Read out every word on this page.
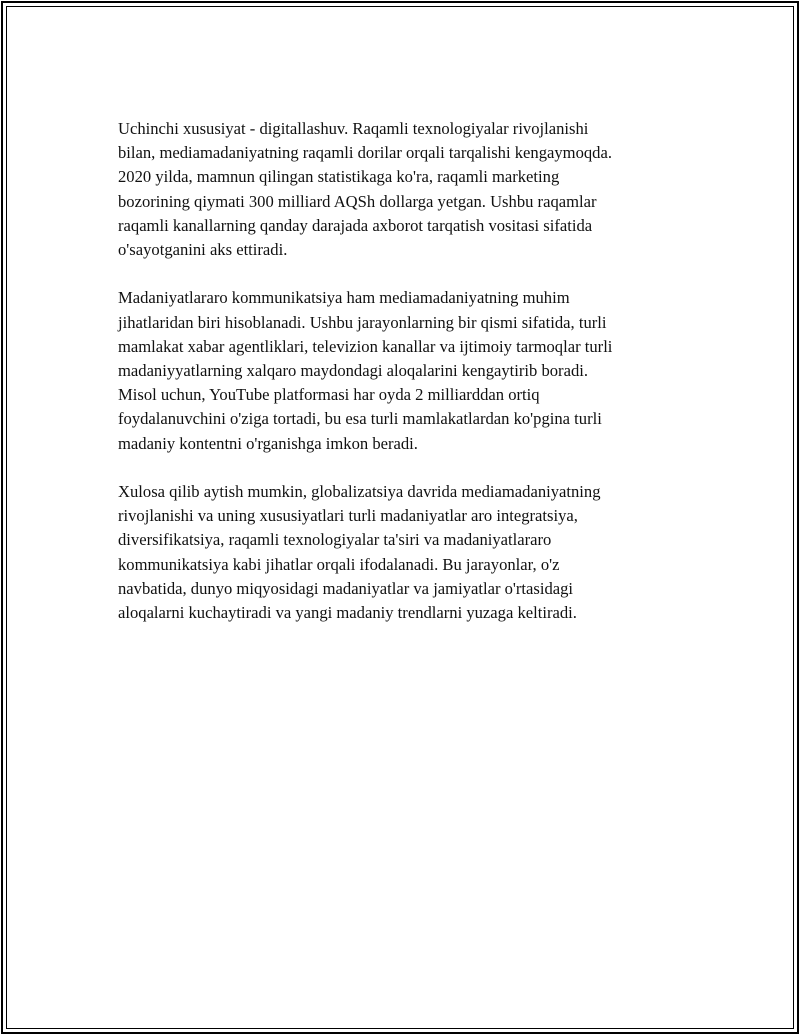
Uchinchi xususiyat - digitallashuv. Raqamli texnologiyalar rivojlanishi
bilan, mediamadaniyatning raqamli dorilar orqali tarqalishi kengaymoqda.
2020 yilda, mamnun qilingan statistikaga ko'ra, raqamli marketing
bozorining qiymati 300 milliard AQSh dollarga yetgan. Ushbu raqamlar
raqamli kanallarning qanday darajada axborot tarqatish vositasi sifatida
o'sayotganini aks ettiradi.

Madaniyatlararo kommunikatsiya ham mediamadaniyatning muhim
jihatlaridan biri hisoblanadi. Ushbu jarayonlarning bir qismi sifatida, turli
mamlakat xabar agentliklari, televizion kanallar va ijtimoiy tarmoqlar turli
madaniyyatlarning xalqaro maydondagi aloqalarini kengaytirib boradi.
Misol uchun, YouTube platformasi har oyda 2 milliarddan ortiq
foydalanuvchini o'ziga tortadi, bu esa turli mamlakatlardan ko'pgina turli
madaniy kontentni o'rganishga imkon beradi.

Xulosa qilib aytish mumkin, globalizatsiya davrida mediamadaniyatning
rivojlanishi va uning xususiyatlari turli madaniyatlar aro integratsiya,
diversifikatsiya, raqamli texnologiyalar ta'siri va madaniyatlararo
kommunikatsiya kabi jihatlar orqali ifodalanadi. Bu jarayonlar, o'z
navbatida, dunyo miqyosidagi madaniyatlar va jamiyatlar o'rtasidagi
aloqalarni kuchaytiradi va yangi madaniy trendlarni yuzaga keltiradi.
